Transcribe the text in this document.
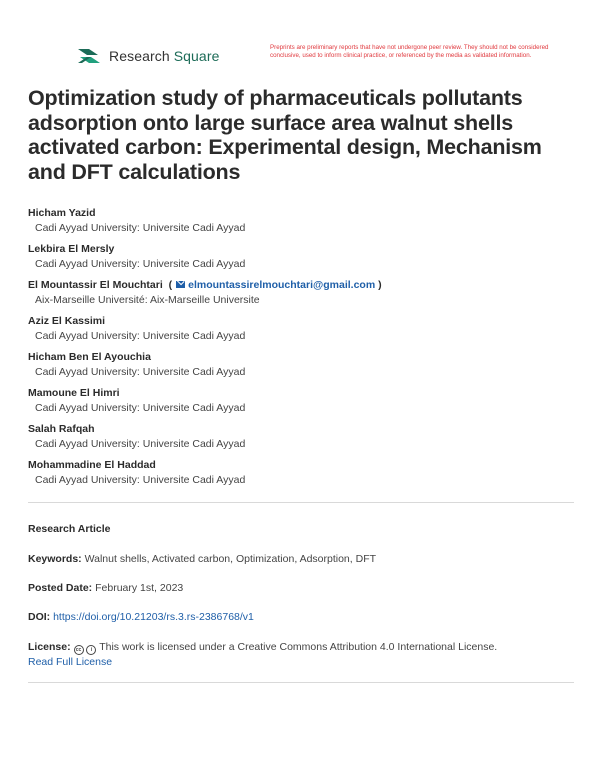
Research Square
Preprints are preliminary reports that have not undergone peer review. They should not be considered conclusive, used to inform clinical practice, or referenced by the media as validated information.
Optimization study of pharmaceuticals pollutants adsorption onto large surface area walnut shells activated carbon: Experimental design, Mechanism and DFT calculations
Hicham Yazid
Cadi Ayyad University: Universite Cadi Ayyad
Lekbira El Mersly
Cadi Ayyad University: Universite Cadi Ayyad
El Mountassir El Mouchtari  ( elmountassirelmouchtari@gmail.com )
Aix-Marseille Université: Aix-Marseille Universite
Aziz El Kassimi
Cadi Ayyad University: Universite Cadi Ayyad
Hicham Ben El Ayouchia
Cadi Ayyad University: Universite Cadi Ayyad
Mamoune El Himri
Cadi Ayyad University: Universite Cadi Ayyad
Salah Rafqah
Cadi Ayyad University: Universite Cadi Ayyad
Mohammadine El Haddad
Cadi Ayyad University: Universite Cadi Ayyad
Research Article
Keywords: Walnut shells, Activated carbon, Optimization, Adsorption, DFT
Posted Date: February 1st, 2023
DOI: https://doi.org/10.21203/rs.3.rs-2386768/v1
License: cc i This work is licensed under a Creative Commons Attribution 4.0 International License.
Read Full License
